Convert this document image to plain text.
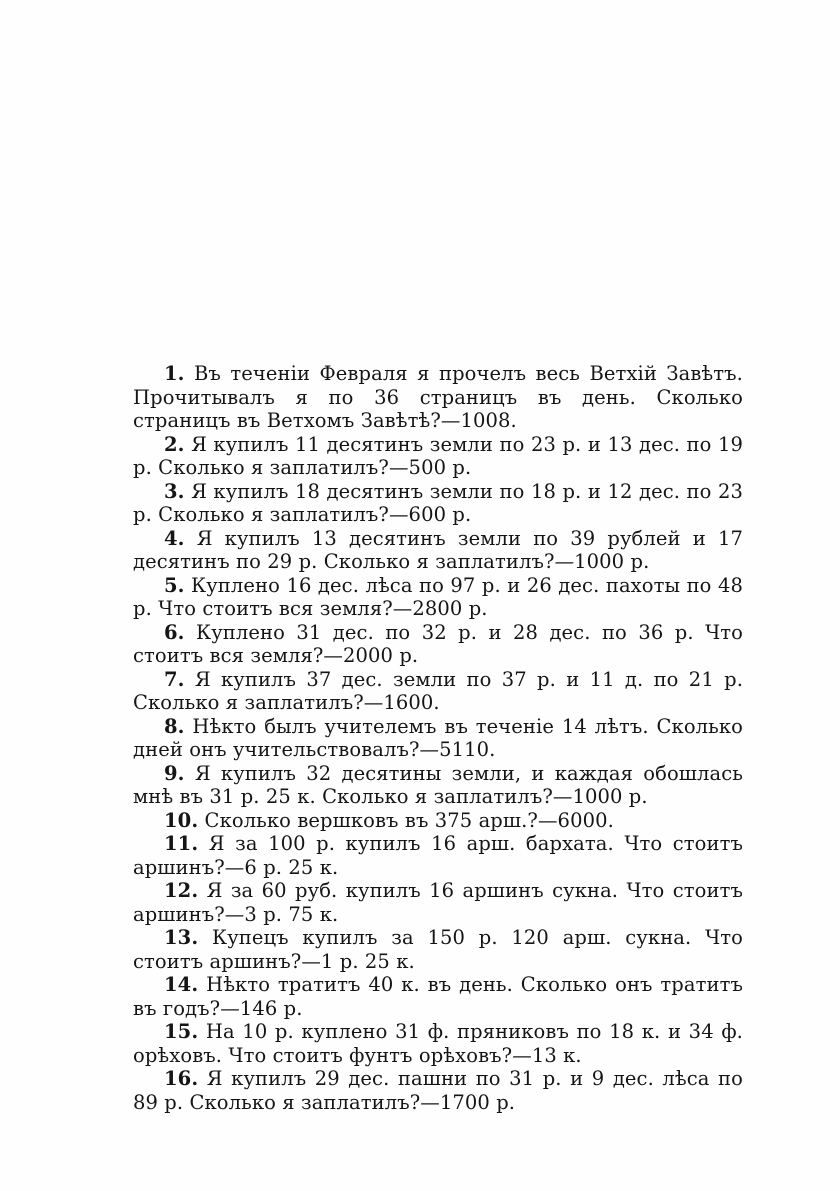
1. Въ теченіи Февраля я прочелъ весь Ветхій Завѣтъ. Прочитывалъ я по 36 страницъ въ день. Сколько страницъ въ Ветхомъ Завѣтѣ?—1008.
2. Я купилъ 11 десятинъ земли по 23 р. и 13 дес. по 19 р. Сколько я заплатилъ?—500 р.
3. Я купилъ 18 десятинъ земли по 18 р. и 12 дес. по 23 р. Сколько я заплатилъ?—600 р.
4. Я купилъ 13 десятинъ земли по 39 рублей и 17 десятинъ по 29 р. Сколько я заплатилъ?—1000 р.
5. Куплено 16 дес. лѣса по 97 р. и 26 дес. пахоты по 48 р. Что стоитъ вся земля?—2800 р.
6. Куплено 31 дес. по 32 р. и 28 дес. по 36 р. Что стоитъ вся земля?—2000 р.
7. Я купилъ 37 дес. земли по 37 р. и 11 д. по 21 р. Сколько я заплатилъ?—1600.
8. Нѣкто былъ учителемъ въ теченіе 14 лѣтъ. Сколько дней онъ учительствовалъ?—5110.
9. Я купилъ 32 десятины земли, и каждая обошлась мнѣ въ 31 р. 25 к. Сколько я заплатилъ?—1000 р.
10. Сколько вершковъ въ 375 арш.?—6000.
11. Я за 100 р. купилъ 16 арш. бархата. Что стоитъ аршинъ?—6 р. 25 к.
12. Я за 60 руб. купилъ 16 аршинъ сукна. Что стоитъ аршинъ?—3 р. 75 к.
13. Купецъ купилъ за 150 р. 120 арш. сукна. Что стоитъ аршинъ?—1 р. 25 к.
14. Нѣкто тратитъ 40 к. въ день. Сколько онъ тратитъ въ годъ?—146 р.
15. На 10 р. куплено 31 ф. пряниковъ по 18 к. и 34 ф. орѣховъ. Что стоитъ фунтъ орѣховъ?—13 к.
16. Я купилъ 29 дес. пашни по 31 р. и 9 дес. лѣса по 89 р. Сколько я заплатилъ?—1700 р.
